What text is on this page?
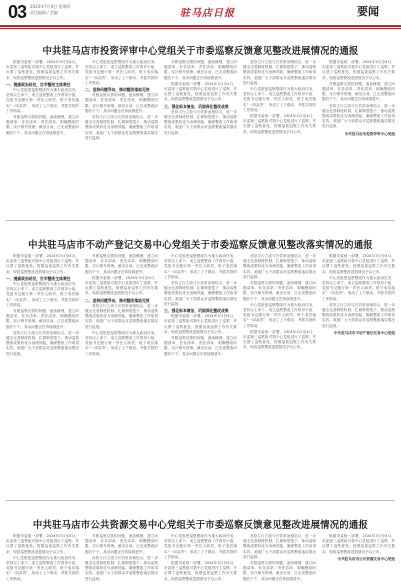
03 2024年7月4日 星期四
责任编辑 / 美编	驻马店日报	要闻
中共驻马店市投资评审中心党组关于市委巡察反馈意见整改进展情况的通报

根据市委统一部署，2024年3月至4月，市委第三巡察组对我中心党组进行了巡察，并反馈了巡察意见。按照巡视巡察工作有关要求，现将巡察整改进展情况予以公布。

一、提高政治站位，扛牢整改主体责任

中心党组把巡察整改作为重大政治任务，坚持以上率下，成立巡察整改工作领导小组，党组书记履行第一责任人职责，班子成员落实“一岗双责”，形成了上下联动、齐抓共管的工作格局。

对照巡察反馈的问题，逐条梳理，建立问题清单、任务清单、责任清单，明确整改时限，实行销号管理。截至目前，已完成整改问题若干个，其余问题正在持续推进中。

中心党组把巡察整改作为重大政治任务，坚持以上率下，成立巡察整改工作领导小组，党组书记履行第一责任人职责，班子成员落实“一岗双责”，形成了上下联动、齐抓共管的工作格局。

二、坚持问题导向，推动整改落地见效

对照巡察反馈的问题，逐条梳理，建立问题清单、任务清单、责任清单，明确整改时限，实行销号管理。截至目前，已完成整改问题若干个，其余问题正在持续推进中。

坚持立行立改与长效常治相结合，进一步健全完善制度机制，扎紧制度笼子，推动巡察整改成果转化为治理效能，确保整改工作取得实效。欢迎广大干部群众对巡察整改落实情况进行监督。

对照巡察反馈的问题，逐条梳理，建立问题清单、任务清单、责任清单，明确整改时限，实行销号管理。截至目前，已完成整改问题若干个，其余问题正在持续推进中。

根据市委统一部署，2024年3月至4月，市委第三巡察组对我中心党组进行了巡察，并反馈了巡察意见。按照巡视巡察工作有关要求，现将巡察整改进展情况予以公布。

三、强化标本兼治，巩固深化整改成果

坚持立行立改与长效常治相结合，进一步健全完善制度机制，扎紧制度笼子，推动巡察整改成果转化为治理效能，确保整改工作取得实效。欢迎广大干部群众对巡察整改落实情况进行监督。

坚持立行立改与长效常治相结合，进一步健全完善制度机制，扎紧制度笼子，推动巡察整改成果转化为治理效能，确保整改工作取得实效。欢迎广大干部群众对巡察整改落实情况进行监督。

中心党组把巡察整改作为重大政治任务，坚持以上率下，成立巡察整改工作领导小组，党组书记履行第一责任人职责，班子成员落实“一岗双责”，形成了上下联动、齐抓共管的工作格局。

根据市委统一部署，2024年3月至4月，市委第三巡察组对我中心党组进行了巡察，并反馈了巡察意见。按照巡视巡察工作有关要求，现将巡察整改进展情况予以公布。

根据市委统一部署，2024年3月至4月，市委第三巡察组对我中心党组进行了巡察，并反馈了巡察意见。按照巡视巡察工作有关要求，现将巡察整改进展情况予以公布。

对照巡察反馈的问题，逐条梳理，建立问题清单、任务清单、责任清单，明确整改时限，实行销号管理。截至目前，已完成整改问题若干个，其余问题正在持续推进中。

坚持立行立改与长效常治相结合，进一步健全完善制度机制，扎紧制度笼子，推动巡察整改成果转化为治理效能，确保整改工作取得实效。欢迎广大干部群众对巡察整改落实情况进行监督。

中共驻马店市投资评审中心党组

中共驻马店市不动产登记交易中心党组关于市委巡察反馈意见整改落实情况的通报

根据市委统一部署，2024年3月至4月，市委第三巡察组对我中心党组进行了巡察，并反馈了巡察意见。按照巡视巡察工作有关要求，现将巡察整改进展情况予以公布。

一、提高政治站位，扛牢整改主体责任

中心党组把巡察整改作为重大政治任务，坚持以上率下，成立巡察整改工作领导小组，党组书记履行第一责任人职责，班子成员落实“一岗双责”，形成了上下联动、齐抓共管的工作格局。

对照巡察反馈的问题，逐条梳理，建立问题清单、任务清单、责任清单，明确整改时限，实行销号管理。截至目前，已完成整改问题若干个，其余问题正在持续推进中。

坚持立行立改与长效常治相结合，进一步健全完善制度机制，扎紧制度笼子，推动巡察整改成果转化为治理效能，确保整改工作取得实效。欢迎广大干部群众对巡察整改落实情况进行监督。

对照巡察反馈的问题，逐条梳理，建立问题清单、任务清单、责任清单，明确整改时限，实行销号管理。截至目前，已完成整改问题若干个，其余问题正在持续推进中。

根据市委统一部署，2024年3月至4月，市委第三巡察组对我中心党组进行了巡察，并反馈了巡察意见。按照巡视巡察工作有关要求，现将巡察整改进展情况予以公布。

二、坚持问题导向，推动整改落地见效

坚持立行立改与长效常治相结合，进一步健全完善制度机制，扎紧制度笼子，推动巡察整改成果转化为治理效能，确保整改工作取得实效。欢迎广大干部群众对巡察整改落实情况进行监督。

中心党组把巡察整改作为重大政治任务，坚持以上率下，成立巡察整改工作领导小组，党组书记履行第一责任人职责，班子成员落实“一岗双责”，形成了上下联动、齐抓共管的工作格局。

中心党组把巡察整改作为重大政治任务，坚持以上率下，成立巡察整改工作领导小组，党组书记履行第一责任人职责，班子成员落实“一岗双责”，形成了上下联动、齐抓共管的工作格局。

坚持立行立改与长效常治相结合，进一步健全完善制度机制，扎紧制度笼子，推动巡察整改成果转化为治理效能，确保整改工作取得实效。欢迎广大干部群众对巡察整改落实情况进行监督。

三、强化标本兼治，巩固深化整改成果

根据市委统一部署，2024年3月至4月，市委第三巡察组对我中心党组进行了巡察，并反馈了巡察意见。按照巡视巡察工作有关要求，现将巡察整改进展情况予以公布。

对照巡察反馈的问题，逐条梳理，建立问题清单、任务清单、责任清单，明确整改时限，实行销号管理。截至目前，已完成整改问题若干个，其余问题正在持续推进中。

坚持立行立改与长效常治相结合，进一步健全完善制度机制，扎紧制度笼子，推动巡察整改成果转化为治理效能，确保整改工作取得实效。欢迎广大干部群众对巡察整改落实情况进行监督。

对照巡察反馈的问题，逐条梳理，建立问题清单、任务清单、责任清单，明确整改时限，实行销号管理。截至目前，已完成整改问题若干个，其余问题正在持续推进中。

中心党组把巡察整改作为重大政治任务，坚持以上率下，成立巡察整改工作领导小组，党组书记履行第一责任人职责，班子成员落实“一岗双责”，形成了上下联动、齐抓共管的工作格局。

根据市委统一部署，2024年3月至4月，市委第三巡察组对我中心党组进行了巡察，并反馈了巡察意见。按照巡视巡察工作有关要求，现将巡察整改进展情况予以公布。

根据市委统一部署，2024年3月至4月，市委第三巡察组对我中心党组进行了巡察，并反馈了巡察意见。按照巡视巡察工作有关要求，现将巡察整改进展情况予以公布。

中心党组把巡察整改作为重大政治任务，坚持以上率下，成立巡察整改工作领导小组，党组书记履行第一责任人职责，班子成员落实“一岗双责”，形成了上下联动、齐抓共管的工作格局。

坚持立行立改与长效常治相结合，进一步健全完善制度机制，扎紧制度笼子，推动巡察整改成果转化为治理效能，确保整改工作取得实效。欢迎广大干部群众对巡察整改落实情况进行监督。

中共驻马店市不动产登记交易中心党组

中共驻马店市公共资源交易中心党组关于市委巡察反馈意见整改进展情况的通报

根据市委统一部署，2024年3月至4月，市委第三巡察组对我中心党组进行了巡察，并反馈了巡察意见。按照巡视巡察工作有关要求，现将巡察整改进展情况予以公布。

中心党组把巡察整改作为重大政治任务，坚持以上率下，成立巡察整改工作领导小组，党组书记履行第一责任人职责，班子成员落实“一岗双责”，形成了上下联动、齐抓共管的工作格局。

对照巡察反馈的问题，逐条梳理，建立问题清单、任务清单、责任清单，明确整改时限，实行销号管理。截至目前，已完成整改问题若干个，其余问题正在持续推进中。

坚持立行立改与长效常治相结合，进一步健全完善制度机制，扎紧制度笼子，推动巡察整改成果转化为治理效能，确保整改工作取得实效。欢迎广大干部群众对巡察整改落实情况进行监督。

中心党组把巡察整改作为重大政治任务，坚持以上率下，成立巡察整改工作领导小组，党组书记履行第一责任人职责，班子成员落实“一岗双责”，形成了上下联动、齐抓共管的工作格局。

根据市委统一部署，2024年3月至4月，市委第三巡察组对我中心党组进行了巡察，并反馈了巡察意见。按照巡视巡察工作有关要求，现将巡察整改进展情况予以公布。

坚持立行立改与长效常治相结合，进一步健全完善制度机制，扎紧制度笼子，推动巡察整改成果转化为治理效能，确保整改工作取得实效。欢迎广大干部群众对巡察整改落实情况进行监督。

对照巡察反馈的问题，逐条梳理，建立问题清单、任务清单、责任清单，明确整改时限，实行销号管理。截至目前，已完成整改问题若干个，其余问题正在持续推进中。

根据市委统一部署，2024年3月至4月，市委第三巡察组对我中心党组进行了巡察，并反馈了巡察意见。按照巡视巡察工作有关要求，现将巡察整改进展情况予以公布。

中共驻马店市公共资源交易中心党组
